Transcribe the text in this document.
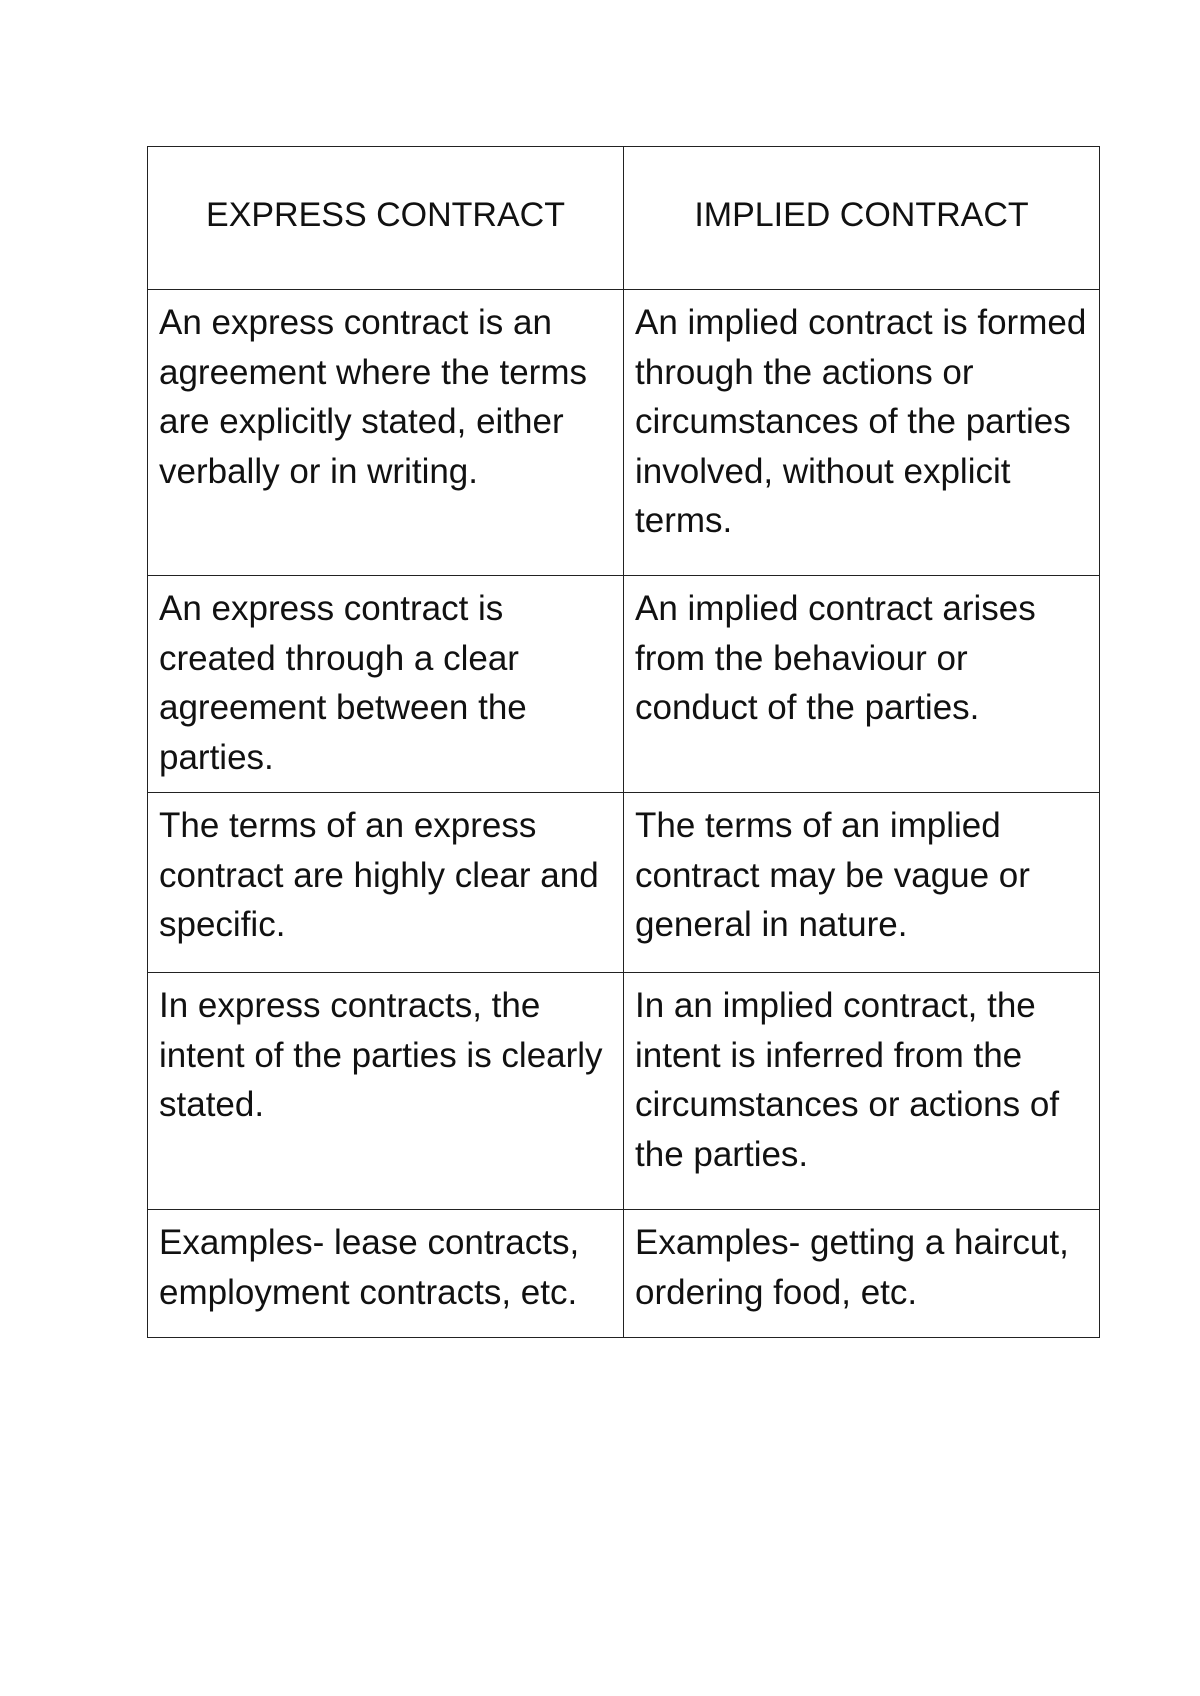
EXPRESS CONTRACT	IMPLIED CONTRACT
An express contract is an agreement where the terms are explicitly stated, either verbally or in writing.	An implied contract is formed through the actions or circumstances of the parties involved, without explicit terms.
An express contract is created through a clear agreement between the parties.	An implied contract arises from the behaviour or conduct of the parties.
The terms of an express contract are highly clear and specific.	The terms of an implied contract may be vague or general in nature.
In express contracts, the intent of the parties is clearly stated.	In an implied contract, the intent is inferred from the circumstances or actions of the parties.
Examples- lease contracts, employment contracts, etc.	Examples- getting a haircut, ordering food, etc.
